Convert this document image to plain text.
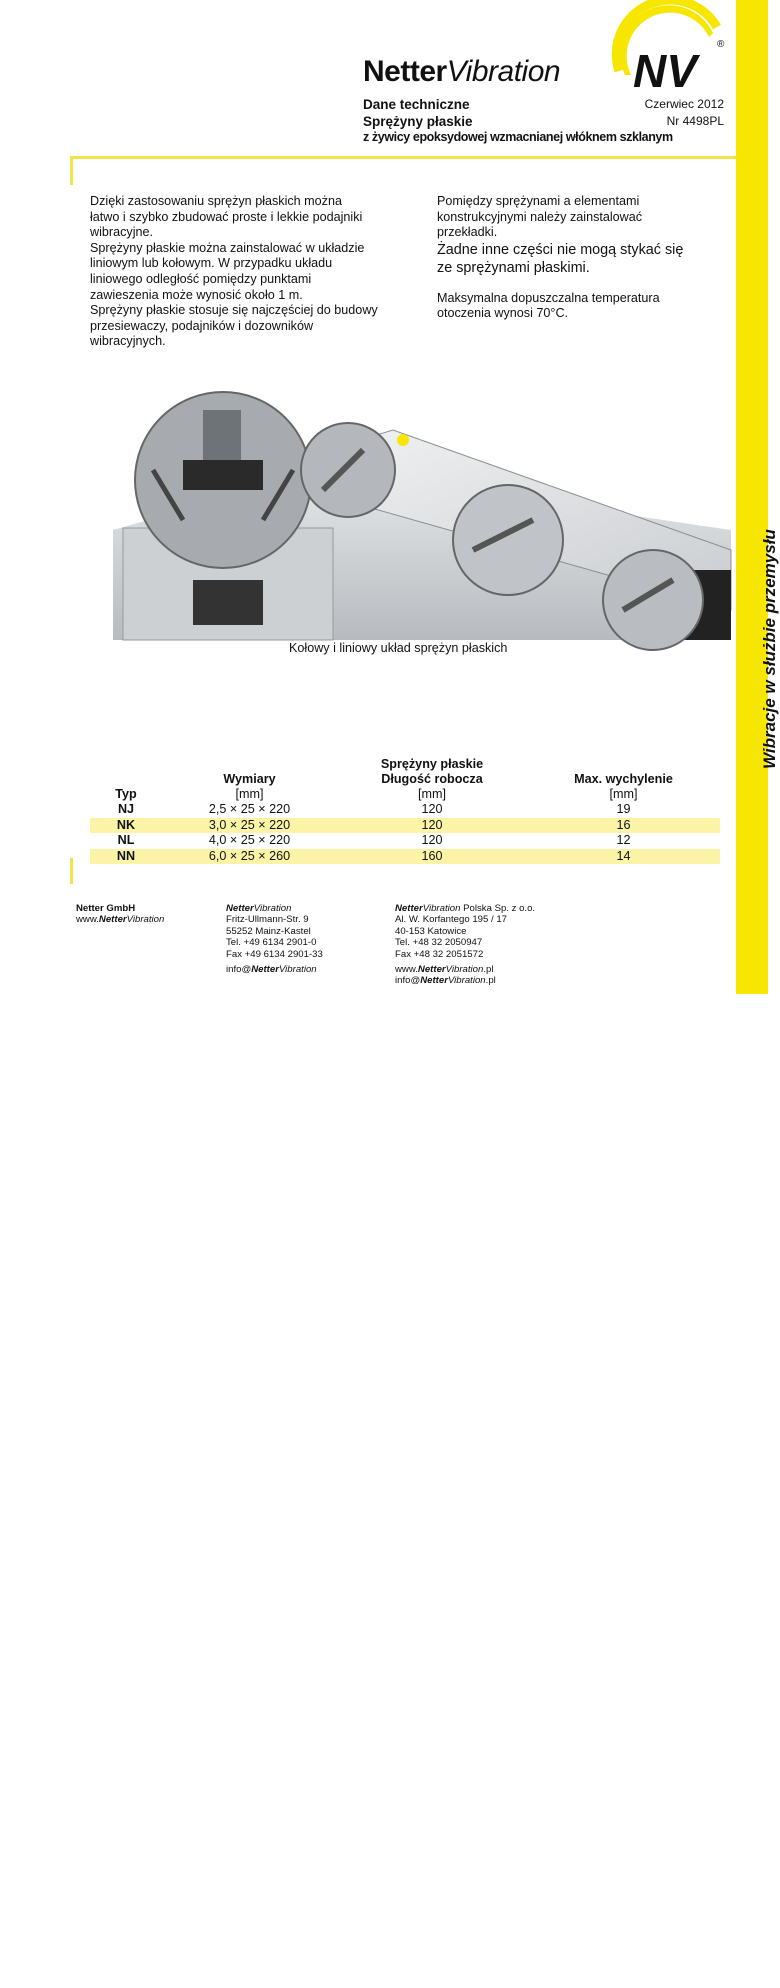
Wibracje w służbie przemysłu
NetterVibration NV
®
Dane techniczne
Sprężyny płaskie
Czerwiec 2012
Nr 4498PL
z żywicy epoksydowej wzmacnianej włóknem szklanym
Dzięki zastosowaniu sprężyn płaskich można
łatwo i szybko zbudować proste i lekkie podajniki
wibracyjne.
Sprężyny płaskie można zainstalować w układzie
liniowym lub kołowym. W przypadku układu
liniowego odległość pomiędzy punktami
zawieszenia może wynosić około 1 m.
Sprężyny płaskie stosuje się najczęściej do budowy
przesiewaczy, podajników i dozowników
wibracyjnych.

Pomiędzy sprężynami a elementami
konstrukcyjnymi należy zainstalować
przekładki.
Żadne inne części nie mogą stykać się
ze sprężynami płaskimi.

Maksymalna dopuszczalna temperatura
otoczenia wynosi 70°C.

Kołowy i liniowy układ sprężyn płaskich
		Sprężyny płaskie	
	Wymiary	Długość robocza	Max. wychylenie
Typ	[mm]	[mm]	[mm]
NJ	2,5 × 25 × 220	120	19
NK	3,0 × 25 × 220	120	16
NL	4,0 × 25 × 220	120	12
NN	6,0 × 25 × 260	160	14
Netter GmbH
www.NetterVibration
NetterVibration
Fritz-Ullmann-Str. 9
55252 Mainz-Kastel
Tel. +49 6134 2901-0
Fax +49 6134 2901-33
info@NetterVibration
NetterVibration Polska Sp. z o.o.
Al. W. Korfantego 195 / 17
40-153 Katowice
Tel. +48 32 2050947
Fax +48 32 2051572
www.NetterVibration.pl
info@NetterVibration.pl
